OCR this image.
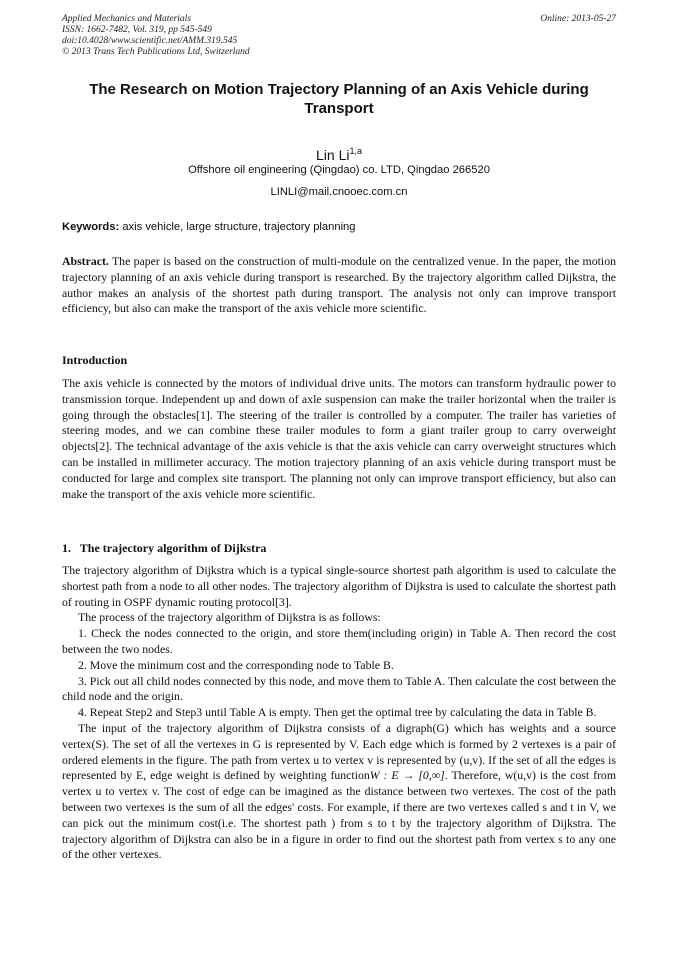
Applied Mechanics and Materials
ISSN: 1662-7482, Vol. 319, pp 545-549
doi:10.4028/www.scientific.net/AMM.319.545
© 2013 Trans Tech Publications Ltd, Switzerland
Online: 2013-05-27
The Research on Motion Trajectory Planning of an Axis Vehicle during Transport
Lin Li$^{1,a}$
Offshore oil engineering (Qingdao) co. LTD, Qingdao 266520
LINLI@mail.cnooec.com.cn
Keywords: axis vehicle, large structure, trajectory planning

Abstract. The paper is based on the construction of multi-module on the centralized venue. In the paper, the motion trajectory planning of an axis vehicle during transport is researched. By the trajectory algorithm called Dijkstra, the author makes an analysis of the shortest path during transport. The analysis not only can improve transport efficiency, but also can make the transport of the axis vehicle more scientific.

Introduction

The axis vehicle is connected by the motors of individual drive units. The motors can transform hydraulic power to transmission torque. Independent up and down of axle suspension can make the trailer horizontal when the trailer is going through the obstacles[1]. The steering of the trailer is controlled by a computer. The trailer has varieties of steering modes, and we can combine these trailer modules to form a giant trailer group to carry overweight objects[2]. The technical advantage of the axis vehicle is that the axis vehicle can carry overweight structures which can be installed in millimeter accuracy. The motion trajectory planning of an axis vehicle during transport must be conducted for large and complex site transport. The planning not only can improve transport efficiency, but also can make the transport of the axis vehicle more scientific.

1.   The trajectory algorithm of Dijkstra

The trajectory algorithm of Dijkstra which is a typical single-source shortest path algorithm is used to calculate the shortest path from a node to all other nodes. The trajectory algorithm of Dijkstra is used to calculate the shortest path of routing in OSPF dynamic routing protocol[3].

The process of the trajectory algorithm of Dijkstra is as follows:

1. Check the nodes connected to the origin, and store them(including origin) in Table A. Then record the cost between the two nodes.

2. Move the minimum cost and the corresponding node to Table B.

3. Pick out all child nodes connected by this node, and move them to Table A. Then calculate the cost between the child node and the origin.

4. Repeat Step2 and Step3 until Table A is empty. Then get the optimal tree by calculating the data in Table B.

The input of the trajectory algorithm of Dijkstra consists of a digraph(G) which has weights and a source vertex(S). The set of all the vertexes in G is represented by V. Each edge which is formed by 2 vertexes is a pair of ordered elements in the figure. The path from vertex u to vertex v is represented by (u,v). If the set of all the edges is represented by E, edge weight is defined by weighting functionW : E → [0,∞]. Therefore, w(u,v) is the cost from vertex u to vertex v. The cost of edge can be imagined as the distance between two vertexes. The cost of the path between two vertexes is the sum of all the edges' costs. For example, if there are two vertexes called s and t in V, we can pick out the minimum cost(i.e. The shortest path ) from s to t by the trajectory algorithm of Dijkstra. The trajectory algorithm of Dijkstra can also be in a figure in order to find out the shortest path from vertex s to any one of the other vertexes.
